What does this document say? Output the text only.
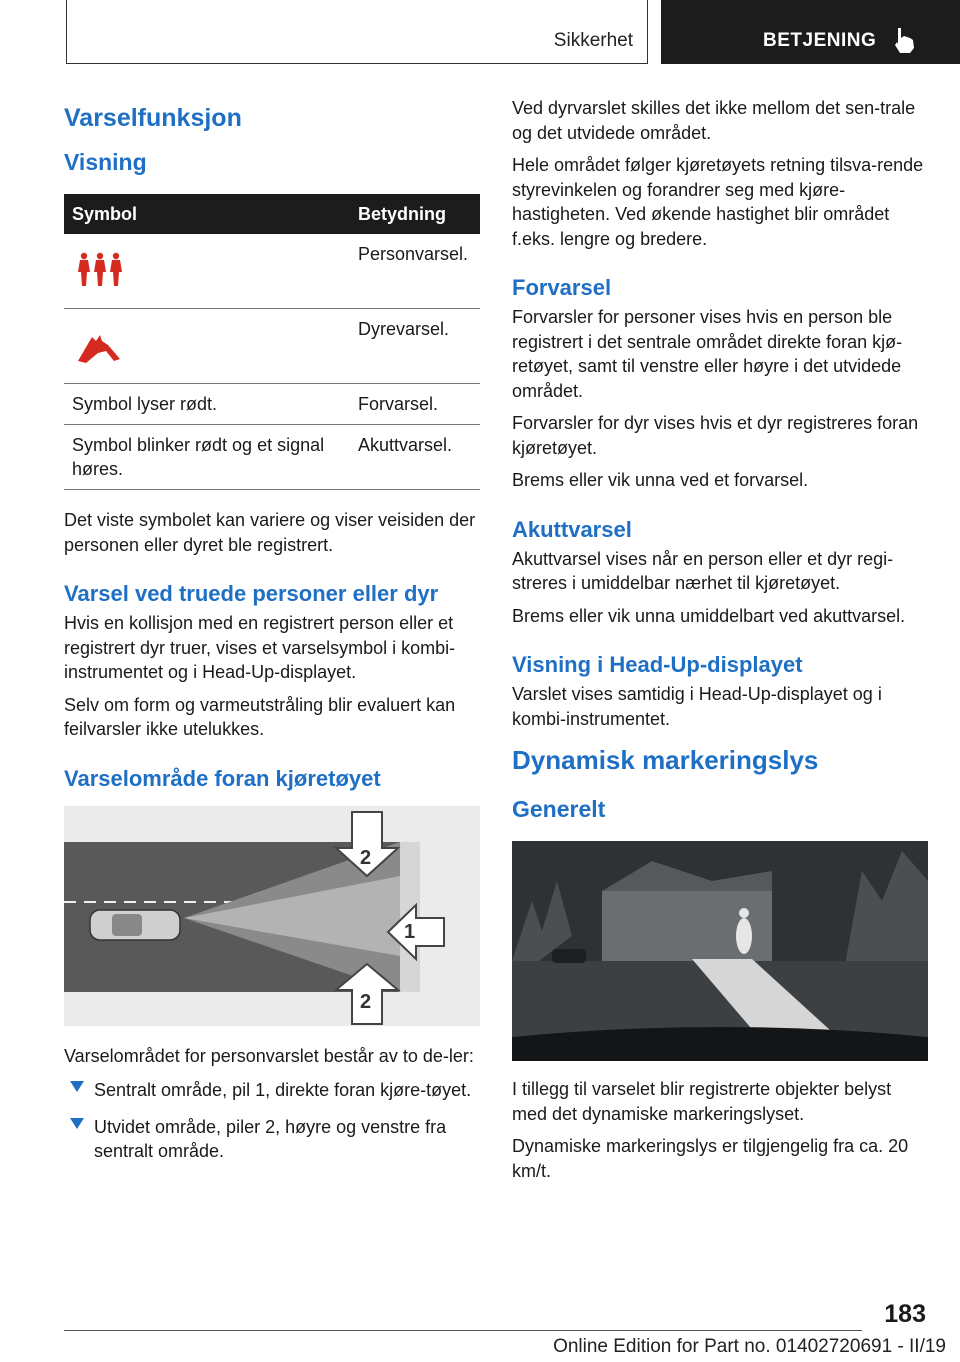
Sikkerhet	BETJENING
Varselfunksjon
Visning
Symbol	Betydning
	Personvarsel.
	Dyrevarsel.
Symbol lyser rødt.	Forvarsel.
Symbol blinker rødt og et signal høres.	Akuttvarsel.

Det viste symbolet kan variere og viser veisiden der personen eller dyret ble registrert.

Varsel ved truede personer eller dyr

Hvis en kollisjon med en registrert person eller et registrert dyr truer, vises et varselsymbol i kombi‐instrumentet og i Head-Up-displayet.

Selv om form og varmeutstråling blir evaluert kan feilvarsler ikke utelukkes.

Varselområde foran kjøretøyet
2
1
2

Varselområdet for personvarslet består av to de‐ler:

Sentralt område, pil 1, direkte foran kjøre‐tøyet.
Utvidet område, piler 2, høyre og venstre fra sentralt område.

Ved dyrvarslet skilles det ikke mellom det sen‐trale og det utvidede området.

Hele området følger kjøretøyets retning tilsva‐rende styrevinkelen og forandrer seg med kjøre‐hastigheten. Ved økende hastighet blir området f.eks. lengre og bredere.

Forvarsel

Forvarsler for personer vises hvis en person ble registrert i det sentrale området direkte foran kjø‐retøyet, samt til venstre eller høyre i det utvidede området.

Forvarsler for dyr vises hvis et dyr registreres foran kjøretøyet.

Brems eller vik unna ved et forvarsel.

Akuttvarsel

Akuttvarsel vises når en person eller et dyr regi‐streres i umiddelbar nærhet til kjøretøyet.

Brems eller vik unna umiddelbart ved akuttvarsel.

Visning i Head-Up-displayet

Varslet vises samtidig i Head-Up-displayet og i kombi-instrumentet.

Dynamisk markeringslys
Generelt

I tillegg til varselet blir registrerte objekter belyst med det dynamiske markeringslyset.

Dynamiske markeringslys er tilgjengelig fra ca. 20 km/t.

183
Online Edition for Part no. 01402720691 - II/19
